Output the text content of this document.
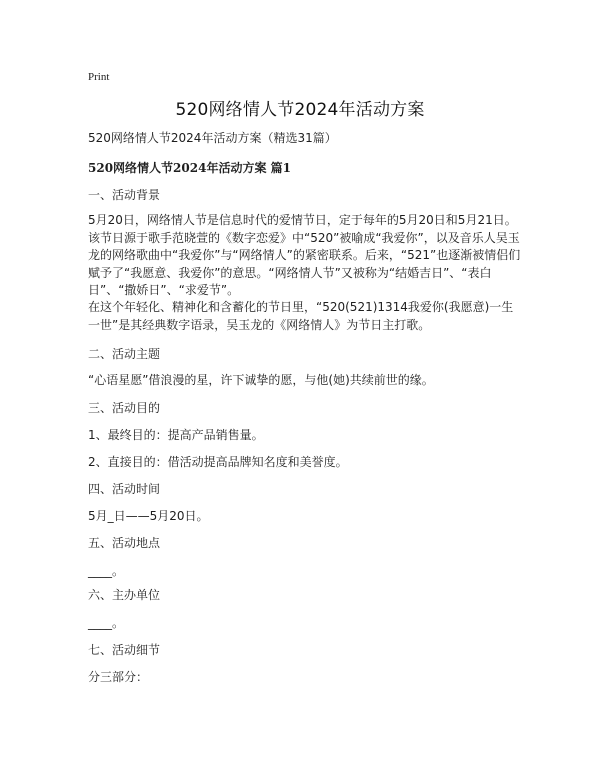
Print
520网络情人节2024年活动方案
520网络情人节2024年活动方案（精选31篇）
520网络情人节2024年活动方案 篇1
一、活动背景
5月20日，网络情人节是信息时代的爱情节日，定于每年的5月20日和5月21日。该节日源于歌手范晓萱的《数字恋爱》中“520”被喻成“我爱你”，以及音乐人吴玉龙的网络歌曲中“我爱你”与“网络情人”的紧密联系。后来，“521”也逐渐被情侣们赋予了“我愿意、我爱你”的意思。“网络情人节”又被称为“结婚吉日”、“表白日”、“撒娇日”、“求爱节”。
在这个年轻化、精神化和含蓄化的节日里，“520(521)1314我爱你(我愿意)一生一世”是其经典数字语录，吴玉龙的《网络情人》为节日主打歌。
二、活动主题
“心语星愿”借浪漫的星，许下诚挚的愿，与他(她)共续前世的缘。
三、活动目的
1、最终目的：提高产品销售量。
2、直接目的：借活动提高品牌知名度和美誉度。
四、活动时间
5月_日——5月20日。
五、活动地点
____。
六、主办单位
____。
七、活动细节
分三部分：
